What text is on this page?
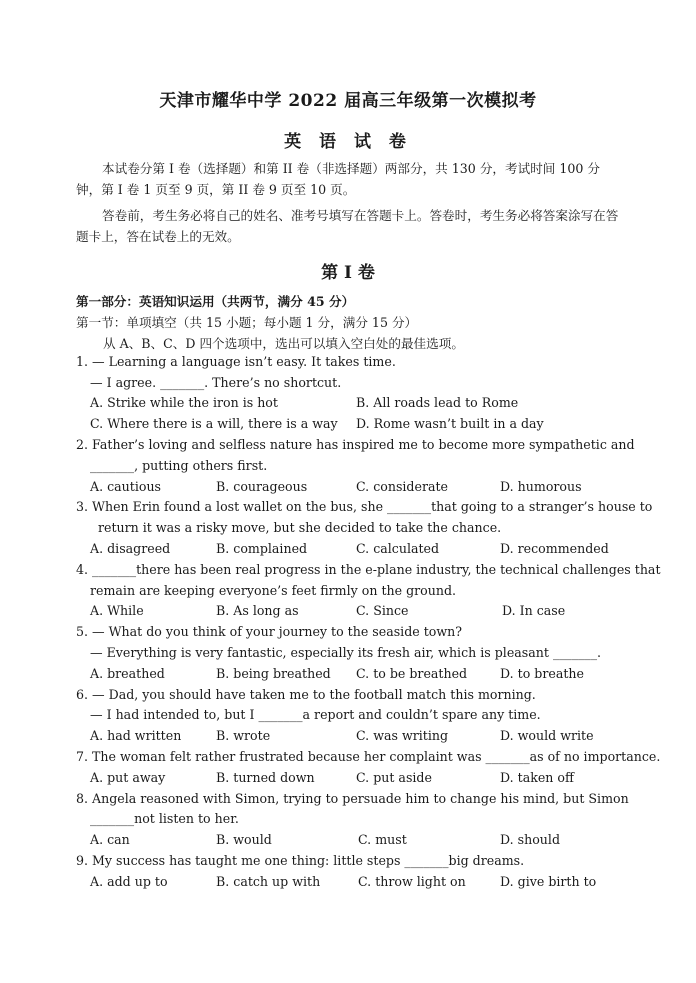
天津市耀华中学 2022 届高三年级第一次模拟考
英 语 试 卷
本试卷分第 I 卷（选择题）和第 II 卷（非选择题）两部分，共 130 分，考试时间 100 分钟，第 I 卷 1 页至 9 页，第 II 卷 9 页至 10 页。
答卷前，考生务必将自己的姓名、准考号填写在答题卡上。答卷时，考生务必将答案涂写在答题卡上，答在试卷上的无效。
第 I 卷
第一部分：英语知识运用（共两节，满分 45 分）
第一节：单项填空（共 15 小题；每小题 1 分，满分 15 分）
从 A、B、C、D 四个选项中，选出可以填入空白处的最佳选项。
1. — Learning a language isn’t easy. It takes time.
— I agree. _______. There’s no shortcut.
A. Strike while the iron is hot	B. All roads lead to Rome
C. Where there is a will, there is a way D. Rome wasn’t built in a day
2. Father’s loving and selfless nature has inspired me to become more sympathetic and
_______, putting others first.
A. cautious	B. courageous	C. considerate	D. humorous
3. When Erin found a lost wallet on the bus, she _______that going to a stranger’s house to
return it was a risky move, but she decided to take the chance.
A. disagreed	B. complained	C. calculated	D. recommended
4. _______there has been real progress in the e-plane industry, the technical challenges that
remain are keeping everyone’s feet firmly on the ground.
A. While	B. As long as	C. Since	D. In case
5. — What do you think of your journey to the seaside town?
— Everything is very fantastic, especially its fresh air, which is pleasant _______.
A. breathed	B. being breathed C. to be breathed	D. to breathe
6. — Dad, you should have taken me to the football match this morning.
— I had intended to, but I _______a report and couldn’t spare any time.
A. had written	B. wrote	C. was writing	D. would write
7. The woman felt rather frustrated because her complaint was _______as of no importance.
A. put away	B. turned down	C. put aside	D. taken off
8. Angela reasoned with Simon, trying to persuade him to change his mind, but Simon
_______not listen to her.
A. can	B. would	C. must	D. should
9. My success has taught me one thing: little steps _______big dreams.
A. add up to	B. catch up with	C. throw light on	D. give birth to
